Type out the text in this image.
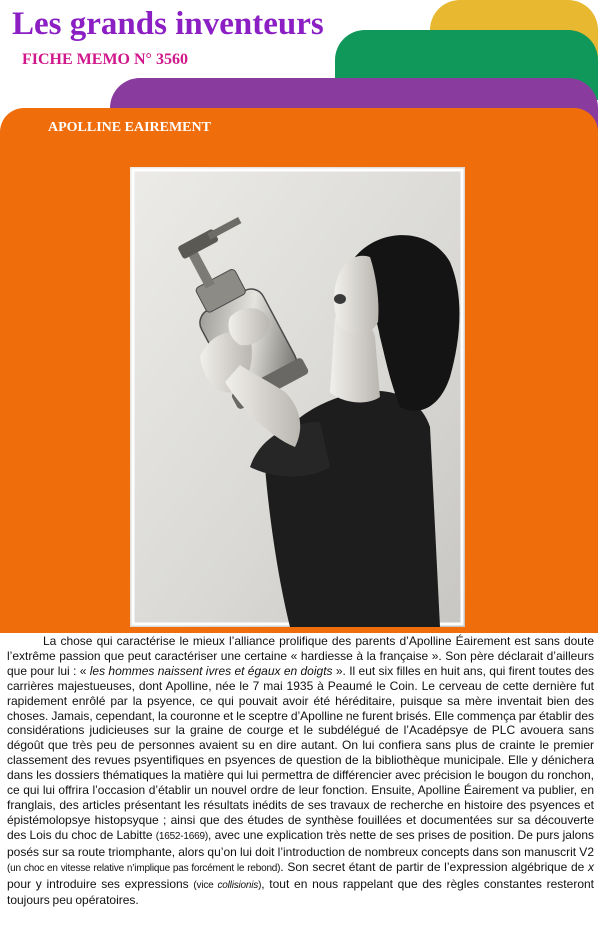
Les grands inventeurs
FICHE MEMO N° 3560
APOLLINE EAIREMENT

La chose qui caractérise le mieux l’alliance prolifique des parents d’Apolline Éairement est sans doute l’extrême passion que peut caractériser une certaine « hardiesse à la française ». Son père déclarait d’ailleurs que pour lui : « les hommes naissent ivres et égaux en doigts ». Il eut six filles en huit ans, qui firent toutes des carrières majestueuses, dont Apolline, née le 7 mai 1935 à Peaumé le Coin. Le cerveau de cette dernière fut rapidement enrôlé par la psyence, ce qui pouvait avoir été héréditaire, puisque sa mère inventait bien des choses. Jamais, cependant, la couronne et le sceptre d’Apolline ne furent brisés. Elle commença par établir des considérations judicieuses sur la graine de courge et le subdélégué de l’Acadépsye de PLC avouera sans dégoût que très peu de personnes avaient su en dire autant. On lui confiera sans plus de crainte le premier classement des revues psyentifiques en psyences de question de la bibliothèque municipale. Elle y dénichera dans les dossiers thématiques la matière qui lui permettra de différencier avec précision le bougon du ronchon, ce qui lui offrira l’occasion d’établir un nouvel ordre de leur fonction. Ensuite, Apolline Éairement va publier, en franglais, des articles présentant les résultats inédits de ses travaux de recherche en histoire des psyences et épistémolopsye histopsyque ; ainsi que des études de synthèse fouillées et documentées sur sa découverte des Lois du choc de Labitte (1652-1669), avec une explication très nette de ses prises de position. De purs jalons posés sur sa route triomphante, alors qu’on lui doit l’introduction de nombreux concepts dans son manuscrit V2 (un choc en vitesse relative n’implique pas forcément le rebond). Son secret étant de partir de l’expression algébrique de x pour y introduire ses expressions (vice collisionis), tout en nous rappelant que des règles constantes resteront toujours peu opératoires.
